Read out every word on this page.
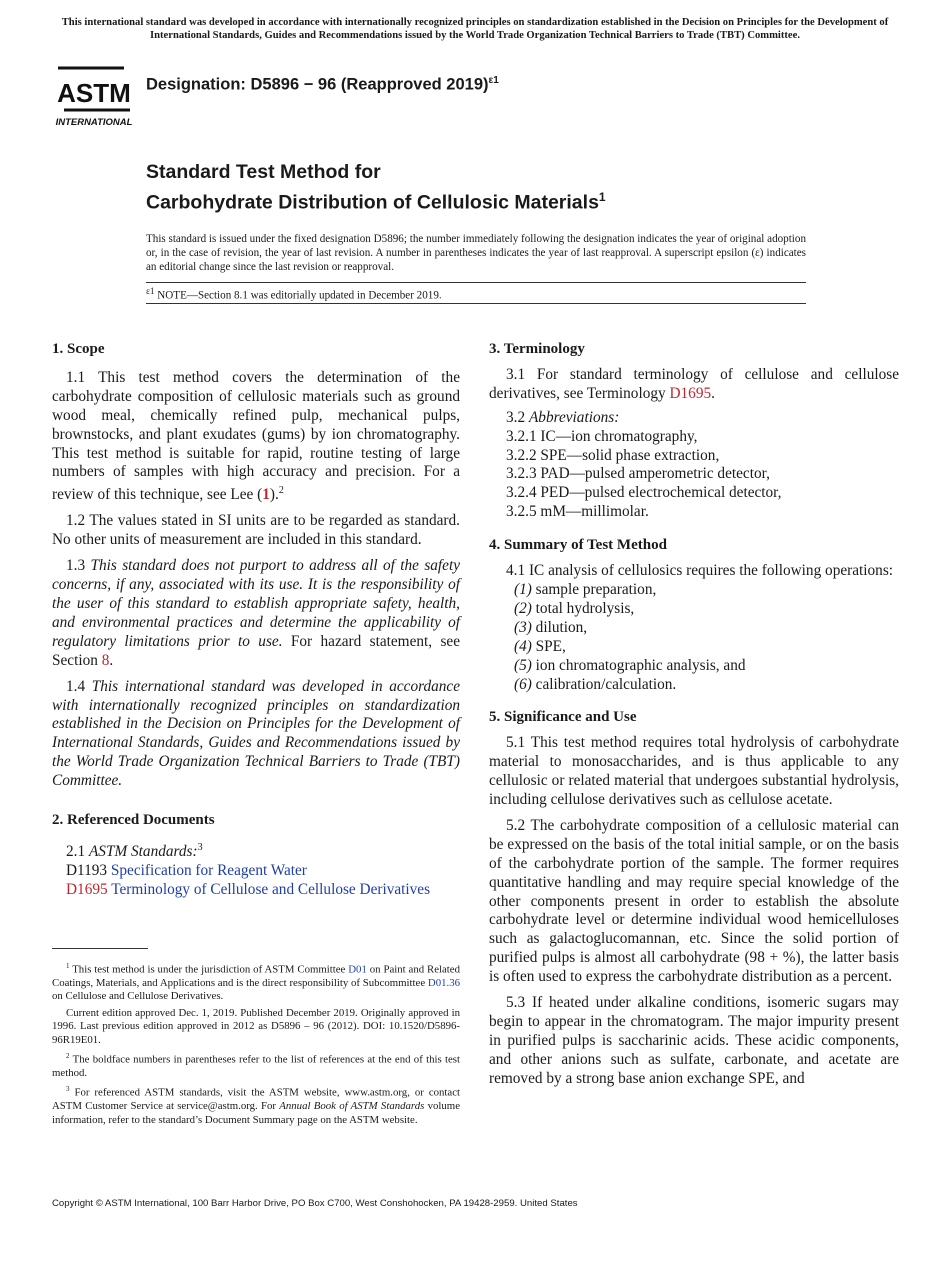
This international standard was developed in accordance with internationally recognized principles on standardization established in the Decision on Principles for the Development of International Standards, Guides and Recommendations issued by the World Trade Organization Technical Barriers to Trade (TBT) Committee.
ASTM
INTERNATIONAL
Designation: D5896 − 96 (Reapproved 2019)$^{\varepsilon 1}$
Standard Test Method for
Carbohydrate Distribution of Cellulosic Materials$^1$
This standard is issued under the fixed designation D5896; the number immediately following the designation indicates the year of original adoption or, in the case of revision, the year of last revision. A number in parentheses indicates the year of last reapproval. A superscript epsilon (ε) indicates an editorial change since the last revision or reapproval.
$^{\varepsilon 1}$ NOTE—Section 8.1 was editorially updated in December 2019.

1. Scope

1.1 This test method covers the determination of the carbohydrate composition of cellulosic materials such as ground wood meal, chemically refined pulp, mechanical pulps, brownstocks, and plant exudates (gums) by ion chromatography. This test method is suitable for rapid, routine testing of large numbers of samples with high accuracy and precision. For a review of this technique, see Lee (1).$^2$

1.2 The values stated in SI units are to be regarded as standard. No other units of measurement are included in this standard.

1.3 This standard does not purport to address all of the safety concerns, if any, associated with its use. It is the responsibility of the user of this standard to establish appropriate safety, health, and environmental practices and determine the applicability of regulatory limitations prior to use. For hazard statement, see Section 8.

1.4 This international standard was developed in accordance with internationally recognized principles on standardization established in the Decision on Principles for the Development of International Standards, Guides and Recommendations issued by the World Trade Organization Technical Barriers to Trade (TBT) Committee.

2. Referenced Documents

2.1 ASTM Standards:$^3$

D1193 Specification for Reagent Water

D1695 Terminology of Cellulose and Cellulose Derivatives

$^1$ This test method is under the jurisdiction of ASTM Committee D01 on Paint and Related Coatings, Materials, and Applications and is the direct responsibility of Subcommittee D01.36 on Cellulose and Cellulose Derivatives.

Current edition approved Dec. 1, 2019. Published December 2019. Originally approved in 1996. Last previous edition approved in 2012 as D5896 – 96 (2012). DOI: 10.1520/D5896-96R19E01.

$^2$ The boldface numbers in parentheses refer to the list of references at the end of this test method.

$^3$ For referenced ASTM standards, visit the ASTM website, www.astm.org, or contact ASTM Customer Service at service@astm.org. For Annual Book of ASTM Standards volume information, refer to the standard’s Document Summary page on the ASTM website.

3. Terminology

3.1 For standard terminology of cellulose and cellulose derivatives, see Terminology D1695.

3.2 Abbreviations:

3.2.1 IC—ion chromatography,

3.2.2 SPE—solid phase extraction,

3.2.3 PAD—pulsed amperometric detector,

3.2.4 PED—pulsed electrochemical detector,

3.2.5 mM—millimolar.

4. Summary of Test Method

4.1 IC analysis of cellulosics requires the following operations:

(1) sample preparation,

(2) total hydrolysis,

(3) dilution,

(4) SPE,

(5) ion chromatographic analysis, and

(6) calibration/calculation.

5. Significance and Use

5.1 This test method requires total hydrolysis of carbohydrate material to monosaccharides, and is thus applicable to any cellulosic or related material that undergoes substantial hydrolysis, including cellulose derivatives such as cellulose acetate.

5.2 The carbohydrate composition of a cellulosic material can be expressed on the basis of the total initial sample, or on the basis of the carbohydrate portion of the sample. The former requires quantitative handling and may require special knowledge of the other components present in order to establish the absolute carbohydrate level or determine individual wood hemicelluloses such as galactoglucomannan, etc. Since the solid portion of purified pulps is almost all carbohydrate (98 + %), the latter basis is often used to express the carbohydrate distribution as a percent.

5.3 If heated under alkaline conditions, isomeric sugars may begin to appear in the chromatogram. The major impurity present in purified pulps is saccharinic acids. These acidic components, and other anions such as sulfate, carbonate, and acetate are removed by a strong base anion exchange SPE, and

Copyright © ASTM International, 100 Barr Harbor Drive, PO Box C700, West Conshohocken, PA 19428-2959. United States
